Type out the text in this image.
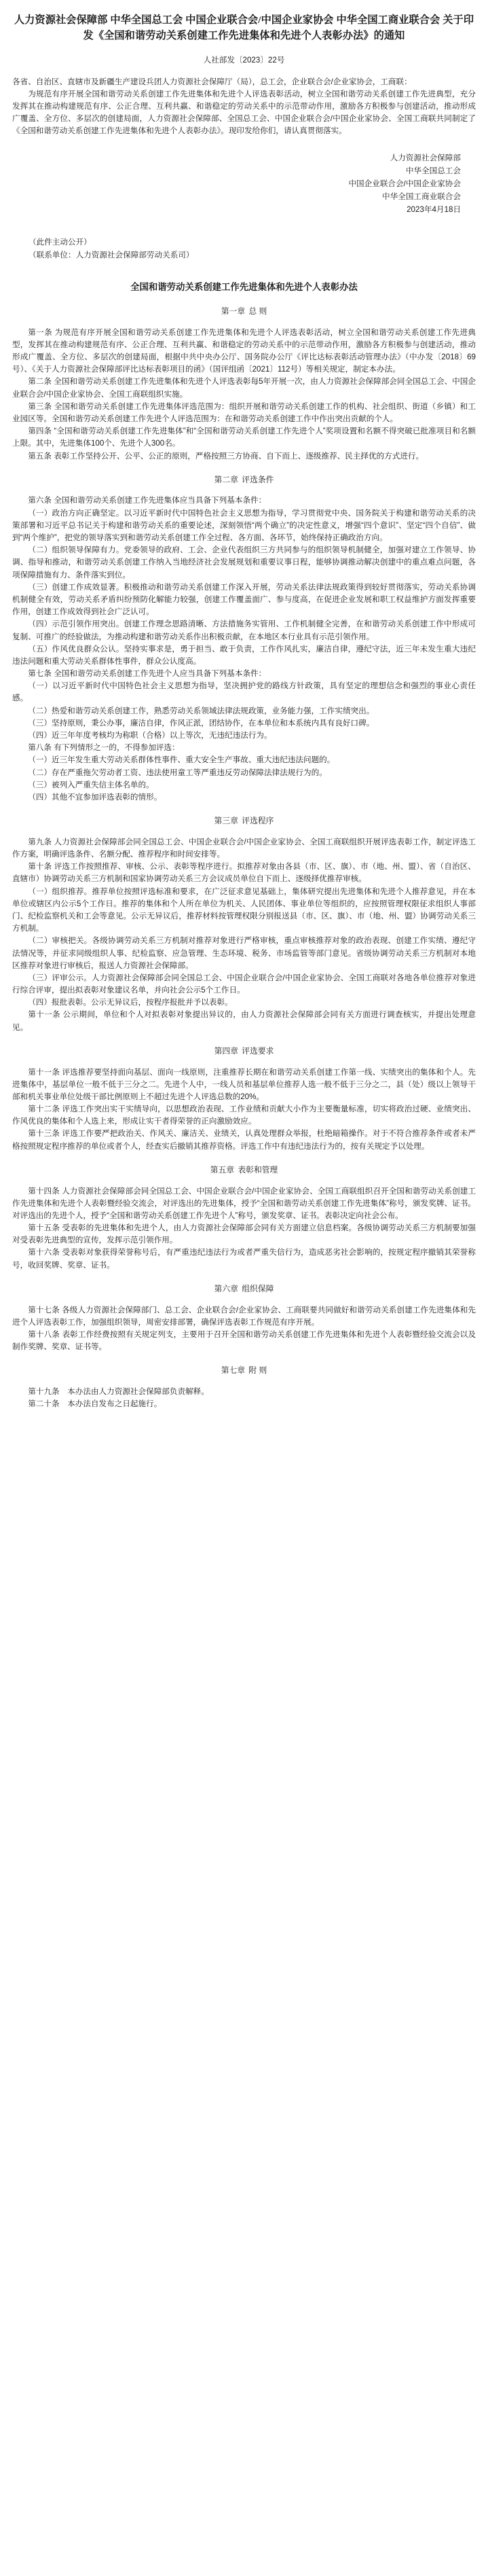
人力资源社会保障部 中华全国总工会 中国企业联合会/中国企业家协会 中华全国工商业联合会 关于印发《全国和谐劳动关系创建工作先进集体和先进个人表彰办法》的通知
人社部发〔2023〕22号
各省、自治区、直辖市及新疆生产建设兵团人力资源社会保障厅（局），总工会，企业联合会/企业家协会，工商联：

为规范有序开展全国和谐劳动关系创建工作先进集体和先进个人评选表彰活动，树立全国和谐劳动关系创建工作先进典型，充分发挥其在推动构建规范有序、公正合理、互利共赢、和谐稳定的劳动关系中的示范带动作用，激励各方积极参与创建活动，推动形成广覆盖、全方位、多层次的创建局面，人力资源社会保障部、全国总工会、中国企业联合会/中国企业家协会、全国工商联共同制定了《全国和谐劳动关系创建工作先进集体和先进个人表彰办法》。现印发给你们，请认真贯彻落实。

人力资源社会保障部
中华全国总工会
中国企业联合会/中国企业家协会
中华全国工商业联合会
2023年4月18日
（此件主动公开）
（联系单位：人力资源社会保障部劳动关系司）
全国和谐劳动关系创建工作先进集体和先进个人表彰办法
第一章 总 则

第一条 为规范有序开展全国和谐劳动关系创建工作先进集体和先进个人评选表彰活动，树立全国和谐劳动关系创建工作先进典型，发挥其在推动构建规范有序、公正合理、互利共赢、和谐稳定的劳动关系中的示范带动作用，激励各方积极参与创建活动，推动形成广覆盖、全方位、多层次的创建局面，根据中共中央办公厅、国务院办公厅《评比达标表彰活动管理办法》（中办发〔2018〕69号）、《关于人力资源社会保障部评比达标表彰项目的函》（国评组函〔2021〕112号）等相关规定，制定本办法。

第二条 全国和谐劳动关系创建工作先进集体和先进个人评选表彰每5年开展一次，由人力资源社会保障部会同全国总工会、中国企业联合会/中国企业家协会、全国工商联组织实施。

第三条 全国和谐劳动关系创建工作先进集体评选范围为：组织开展和谐劳动关系创建工作的机构、社会组织、街道（乡镇）和工业园区等。全国和谐劳动关系创建工作先进个人评选范围为：在和谐劳动关系创建工作中作出突出贡献的个人。

第四条 “全国和谐劳动关系创建工作先进集体”和“全国和谐劳动关系创建工作先进个人”奖项设置和名额不得突破已批准项目和名额上限。其中，先进集体100个、先进个人300名。

第五条 表彰工作坚持公开、公平、公正的原则，严格按照三方协商、自下而上、逐级推荐、民主择优的方式进行。

第二章 评选条件

第六条 全国和谐劳动关系创建工作先进集体应当具备下列基本条件：

（一）政治方向正确坚定。以习近平新时代中国特色社会主义思想为指导，学习贯彻党中央、国务院关于构建和谐劳动关系的决策部署和习近平总书记关于构建和谐劳动关系的重要论述，深刻领悟“两个确立”的决定性意义，增强“四个意识”、坚定“四个自信”、做到“两个维护”，把党的领导落实到和谐劳动关系创建工作全过程、各方面、各环节，始终保持正确政治方向。

（二）组织领导保障有力。党委领导的政府、工会、企业代表组织三方共同参与的组织领导机制健全，加强对建立工作领导、协调、指导和推动，和谐劳动关系创建工作纳入当地经济社会发展规划和重要议事日程，能够协调推动解决创建中的重点难点问题，各项保障措施有力、条件落实到位。

（三）创建工作成效显著。积极推动和谐劳动关系创建工作深入开展，劳动关系法律法规政策得到较好贯彻落实，劳动关系协调机制健全有效，劳动关系矛盾纠纷预防化解能力较强，创建工作覆盖面广、参与度高，在促进企业发展和职工权益维护方面发挥重要作用，创建工作成效得到社会广泛认可。

（四）示范引领作用突出。创建工作理念思路清晰、方法措施务实管用、工作机制健全完善，在和谐劳动关系创建工作中形成可复制、可推广的经验做法，为推动构建和谐劳动关系作出积极贡献，在本地区本行业具有示范引领作用。

（五）作风优良群众公认。坚持实事求是，勇于担当、敢于负责，工作作风扎实，廉洁自律，遵纪守法，近三年未发生重大违纪违法问题和重大劳动关系群体性事件，群众公认度高。

第七条 全国和谐劳动关系创建工作先进个人应当具备下列基本条件：

（一）以习近平新时代中国特色社会主义思想为指导，坚决拥护党的路线方针政策，具有坚定的理想信念和强烈的事业心责任感。

（二）热爱和谐劳动关系创建工作，熟悉劳动关系领域法律法规政策，业务能力强，工作实绩突出。

（三）坚持原则，秉公办事，廉洁自律，作风正派，团结协作，在本单位和本系统内具有良好口碑。

（四）近三年年度考核均为称职（合格）以上等次，无违纪违法行为。

第八条 有下列情形之一的，不得参加评选：

（一）近三年发生重大劳动关系群体性事件、重大安全生产事故、重大违纪违法问题的。

（二）存在严重拖欠劳动者工资、违法使用童工等严重违反劳动保障法律法规行为的。

（三）被列入严重失信主体名单的。

（四）其他不宜参加评选表彰的情形。

第三章 评选程序

第九条 人力资源社会保障部会同全国总工会、中国企业联合会/中国企业家协会、全国工商联组织开展评选表彰工作，制定评选工作方案，明确评选条件、名额分配、推荐程序和时间安排等。

第十条 评选工作按照推荐、审核、公示、表彰等程序进行。拟推荐对象由各县（市、区、旗）、市（地、州、盟）、省（自治区、直辖市）协调劳动关系三方机制和国家协调劳动关系三方会议成员单位自下而上、逐级择优推荐审核。

（一）组织推荐。推荐单位按照评选标准和要求，在广泛征求意见基础上，集体研究提出先进集体和先进个人推荐意见，并在本单位或辖区内公示5个工作日。推荐的集体和个人所在单位为机关、人民团体、事业单位等组织的，应按照管理权限征求组织人事部门、纪检监察机关和工会等意见。公示无异议后，推荐材料按管理权限分别报送县（市、区、旗）、市（地、州、盟）协调劳动关系三方机制。

（二）审核把关。各级协调劳动关系三方机制对推荐对象进行严格审核，重点审核推荐对象的政治表现、创建工作实绩、遵纪守法情况等，并征求同级组织人事、纪检监察、应急管理、生态环境、税务、市场监管等部门意见。省级协调劳动关系三方机制对本地区推荐对象进行审核后，报送人力资源社会保障部。

（三）评审公示。人力资源社会保障部会同全国总工会、中国企业联合会/中国企业家协会、全国工商联对各地各单位推荐对象进行综合评审，提出拟表彰对象建议名单，并向社会公示5个工作日。

（四）报批表彰。公示无异议后，按程序报批并予以表彰。

第十一条 公示期间，单位和个人对拟表彰对象提出异议的，由人力资源社会保障部会同有关方面进行调查核实，并提出处理意见。

第四章 评选要求

第十一条 评选推荐要坚持面向基层、面向一线原则，注重推荐长期在和谐劳动关系创建工作第一线、实绩突出的集体和个人。先进集体中，基层单位一般不低于三分之二。先进个人中，一线人员和基层单位推荐人选一般不低于三分之二，县（处）级以上领导干部和机关事业单位处级干部比例原则上不超过先进个人评选总数的20%。

第十二条 评选工作突出实干实绩导向，以思想政治表现、工作业绩和贡献大小作为主要衡量标准，切实将政治过硬、业绩突出、作风优良的集体和个人选上来，形成让实干者得荣誉的正向激励效应。

第十三条 评选工作要严把政治关、作风关、廉洁关、业绩关，认真处理群众举报，杜绝暗箱操作。对于不符合推荐条件或者未严格按照规定程序推荐的单位或者个人，经查实后撤销其推荐资格。评选工作中有违纪违法行为的，按有关规定予以处理。

第五章 表彰和管理

第十四条 人力资源社会保障部会同全国总工会、中国企业联合会/中国企业家协会、全国工商联组织召开全国和谐劳动关系创建工作先进集体和先进个人表彰暨经验交流会，对评选出的先进集体，授予“全国和谐劳动关系创建工作先进集体”称号，颁发奖牌、证书。对评选出的先进个人，授予“全国和谐劳动关系创建工作先进个人”称号，颁发奖章、证书。表彰决定向社会公布。

第十五条 受表彰的先进集体和先进个人，由人力资源社会保障部会同有关方面建立信息档案。各级协调劳动关系三方机制要加强对受表彰先进典型的宣传，发挥示范引领作用。

第十六条 受表彰对象获得荣誉称号后，有严重违纪违法行为或者严重失信行为，造成恶劣社会影响的，按规定程序撤销其荣誉称号，收回奖牌、奖章、证书。

第六章 组织保障

第十七条 各级人力资源社会保障部门、总工会、企业联合会/企业家协会、工商联要共同做好和谐劳动关系创建工作先进集体和先进个人评选表彰工作，加强组织领导，周密安排部署，确保评选表彰工作规范有序开展。

第十八条 表彰工作经费按照有关规定列支，主要用于召开全国和谐劳动关系创建工作先进集体和先进个人表彰暨经验交流会以及制作奖牌、奖章、证书等。

第七章 附 则

第十九条　本办法由人力资源社会保障部负责解释。

第二十条　本办法自发布之日起施行。
